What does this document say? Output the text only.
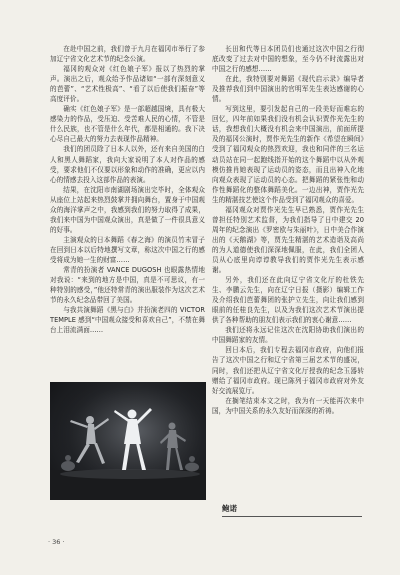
在赴中国之前，我们曾于九月在福冈市举行了参加辽宁省文化艺术节的纪念公演。

福冈的观众对《红色娘子军》报以了热烈的掌声。演出之后，观众给予作品诸如“一部有深刻意义的芭蕾”、“艺术性极高”、“看了以后使我们振奋”等高度评价。

确实《红色娘子军》是一部超越国境，具有极大感染力的作品，受压迫、受苦难人民的心情，不管是什么民族，也不管是什么年代，都是相通的。我下决心尽自己最大的努力去表现作品精神。

我们的团员除了日本人以外，还有来自美国的白人和黑人舞蹈家，我向大家说明了本人对作品的感受，要求他们不仅要以形象和动作的准确，更应以内心的情感去投入这部作品的表演。

结果，在沈阳市南湖剧场演出完毕时，全体观众从座位上站起来热烈鼓掌并拥向舞台，置身于中国观众的海洋掌声之中，我感到我们的努力取得了成果，我们来中国为中国观众演出，真是做了一件很具意义的好事。

主演观众的日本舞蹈《春之海》的演员竹末冒子在回到日本以后特地撰写文章，称这次中国之行的感受将成为她一生的财富……

常青的扮演者 VANCE DUGOSH 也眼露热情地对我说：“来到的地方是中国，真是不可思议，有一种特别的感受，”他还特常青的演出服装作为这次艺术节的永久纪念品带回了美国。

与我共演舞蹈《黑与白》并扮演老四的 VICTOR TEMPLE 感到“中国观众接受和喜欢自己”，不禁在舞台上泪流满面……

长田和代等日本团员们也通过这次中国之行彻底改变了过去对中国的想象，至今仍不时流露出对中国之行的感想……

在此，我特别要对舞蹈《现代启示录》编导者及推荐我们到中国演出的官明军先生表达感谢的心情。

写到这里，要引发起自己的一段美好而难忘的回忆，四年前如果我们没有机会认识贾作光先生的话，我想我们大概没有机会来中国演出，前面所提及的福冈公演时，贾作光先生的新作《希望在瞬间》受到了福冈观众的热烈欢迎，我也和同伴的三名运动员站在同一起跑线指开始的这个舞蹈中以从外观模仿推肖她表现了运动员的姿态，而且出神入化地向观众表现了运动员的心态。把舞蹈的紧张性和动作性舞蹈化的整体舞蹈美化。一边出神，贾作光先生的精湛技艺使这个作品受到了福冈观众的喜爱。

福冈观众对贾作光先生早已熟悉，贾作光先生曾担任特别艺术监督，为我们指导了日中建交 20 周年的纪念演出《罗密欧与朱丽叶》，日中美合作演出的《天鹅湖》等，贾先生精湛的艺术造诣及高尚的为人道德使我们深深地佩服，在此，我们全团人员从心底里向谆谆教导我们的贾作光先生表示感谢。

另外，我们还在此向辽宁省文化厅的杜铁先生、李鹏云先生，向在辽宁日报（摄影）编辑工作及介绍我们芭蕾舞团的张护立先生，向让我们感到眼前的任桂良先生，以及为我们这次艺术节演出提供了各种帮助的朋友们表示我们的衷心谢意……

我们还将永远记住这次在沈阳协助我们演出的中国舞蹈家的友情。

回日本后，我们专程去福冈市政府，向他们报告了这次中国之行和辽宁省第三届艺术节的盛况，同时，我们还把从辽宁省文化厅授我的纪念玉器转赠给了福冈市政府。现已陈列于福冈市政府对外友好交流展览厅。

在搁笔结束本文之时，我为有一天能再次来中国，为中国关系的永久友好而深深的祈祷。

鲍诺
· 36 ·
